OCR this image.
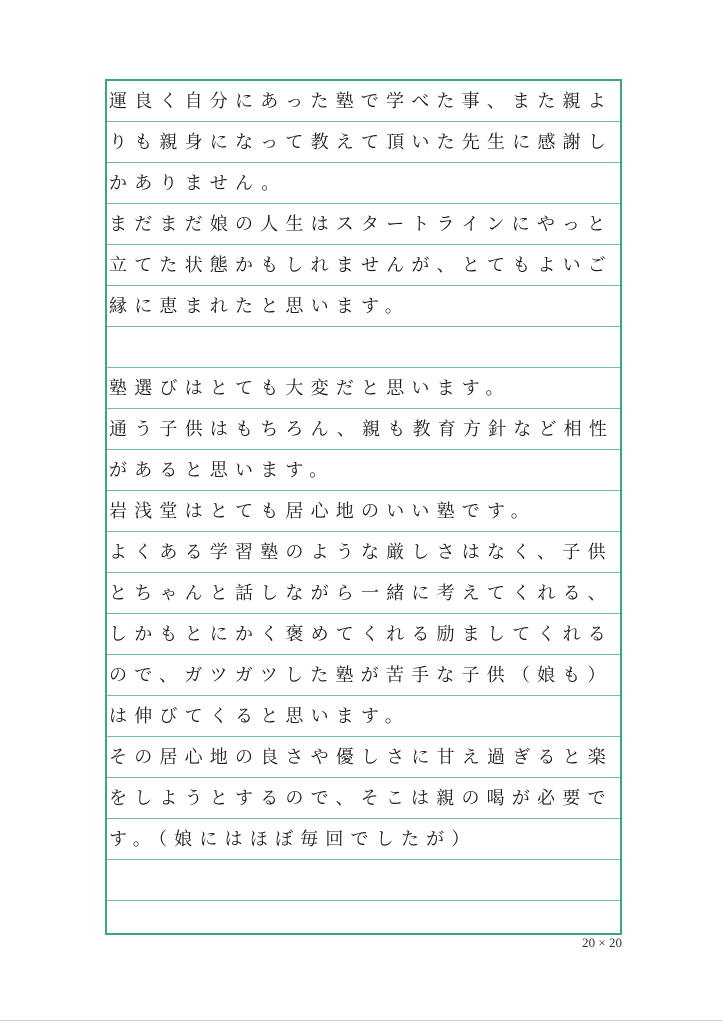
運良く自分にあった塾で学べた事、また親よ
りも親身になって教えて頂いた先生に感謝し
かありません。
まだまだ娘の人生はスタートラインにやっと
立てた状態かもしれませんが、とてもよいご
縁に恵まれたと思います。
塾選びはとても大変だと思います。
通う子供はもちろん、親も教育方針など相性
があると思います。
岩浅堂はとても居心地のいい塾です。
よくある学習塾のような厳しさはなく、子供
とちゃんと話しながら一緒に考えてくれる、
しかもとにかく褒めてくれる励ましてくれる
ので、ガツガツした塾が苦手な子供（娘も）
は伸びてくると思います。
その居心地の良さや優しさに甘え過ぎると楽
をしようとするので、そこは親の喝が必要で
す。（娘にはほぼ毎回でしたが）
20 × 20
